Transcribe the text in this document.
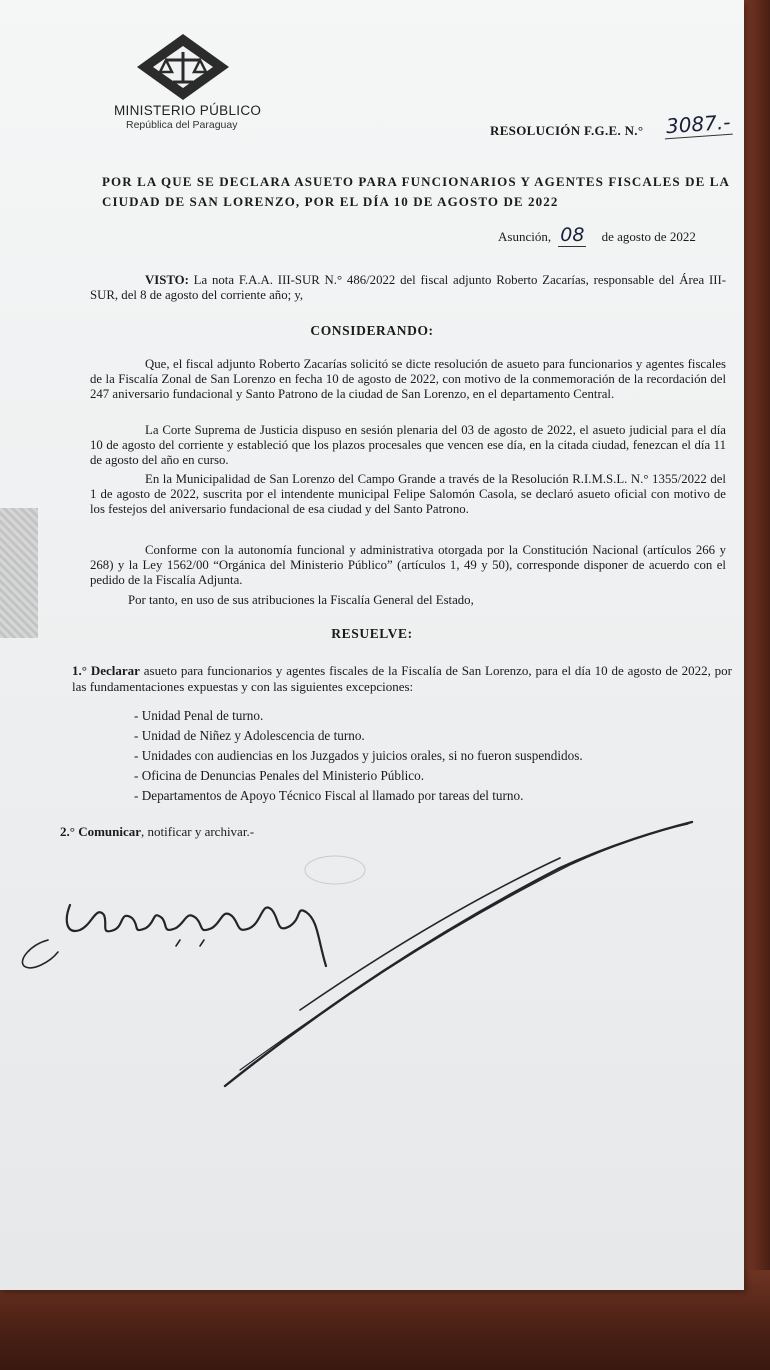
MINISTERIO PÚBLICO
República del Paraguay	RESOLUCIÓN F.G.E. N.° 3087.-
POR LA QUE SE DECLARA ASUETO PARA FUNCIONARIOS Y AGENTES FISCALES DE LA CIUDAD DE SAN LORENZO, POR EL DÍA 10 DE AGOSTO DE 2022
Asunción, 08 de agosto de 2022

VISTO: La nota F.A.A. III-SUR N.° 486/2022 del fiscal adjunto Roberto Zacarías, responsable del Área III- SUR, del 8 de agosto del corriente año; y,

CONSIDERANDO:

Que, el fiscal adjunto Roberto Zacarías solicitó se dicte resolución de asueto para funcionarios y agentes fiscales de la Fiscalía Zonal de San Lorenzo en fecha 10 de agosto de 2022, con motivo de la conmemoración de la recordación del 247 aniversario fundacional y Santo Patrono de la ciudad de San Lorenzo, en el departamento Central.

La Corte Suprema de Justicia dispuso en sesión plenaria del 03 de agosto de 2022, el asueto judicial para el día 10 de agosto del corriente y estableció que los plazos procesales que vencen ese día, en la citada ciudad, fenezcan el día 11 de agosto del año en curso.

En la Municipalidad de San Lorenzo del Campo Grande a través de la Resolución R.I.M.S.L. N.° 1355/2022 del 1 de agosto de 2022, suscrita por el intendente municipal Felipe Salomón Casola, se declaró asueto oficial con motivo de los festejos del aniversario fundacional de esa ciudad y del Santo Patrono.

Conforme con la autonomía funcional y administrativa otorgada por la Constitución Nacional (artículos 266 y 268) y la Ley 1562/00 “Orgánica del Ministerio Público” (artículos 1, 49 y 50), corresponde disponer de acuerdo con el pedido de la Fiscalía Adjunta.

Por tanto, en uso de sus atribuciones la Fiscalía General del Estado,

RESUELVE:
1.° Declarar asueto para funcionarios y agentes fiscales de la Fiscalía de San Lorenzo, para el día 10 de agosto de 2022, por las fundamentaciones expuestas y con las siguientes excepciones:
- Unidad Penal de turno.
- Unidad de Niñez y Adolescencia de turno.
- Unidades con audiencias en los Juzgados y juicios orales, si no fueron suspendidos.
- Oficina de Denuncias Penales del Ministerio Público.
- Departamentos de Apoyo Técnico Fiscal al llamado por tareas del turno.
2.° Comunicar, notificar y archivar.-
